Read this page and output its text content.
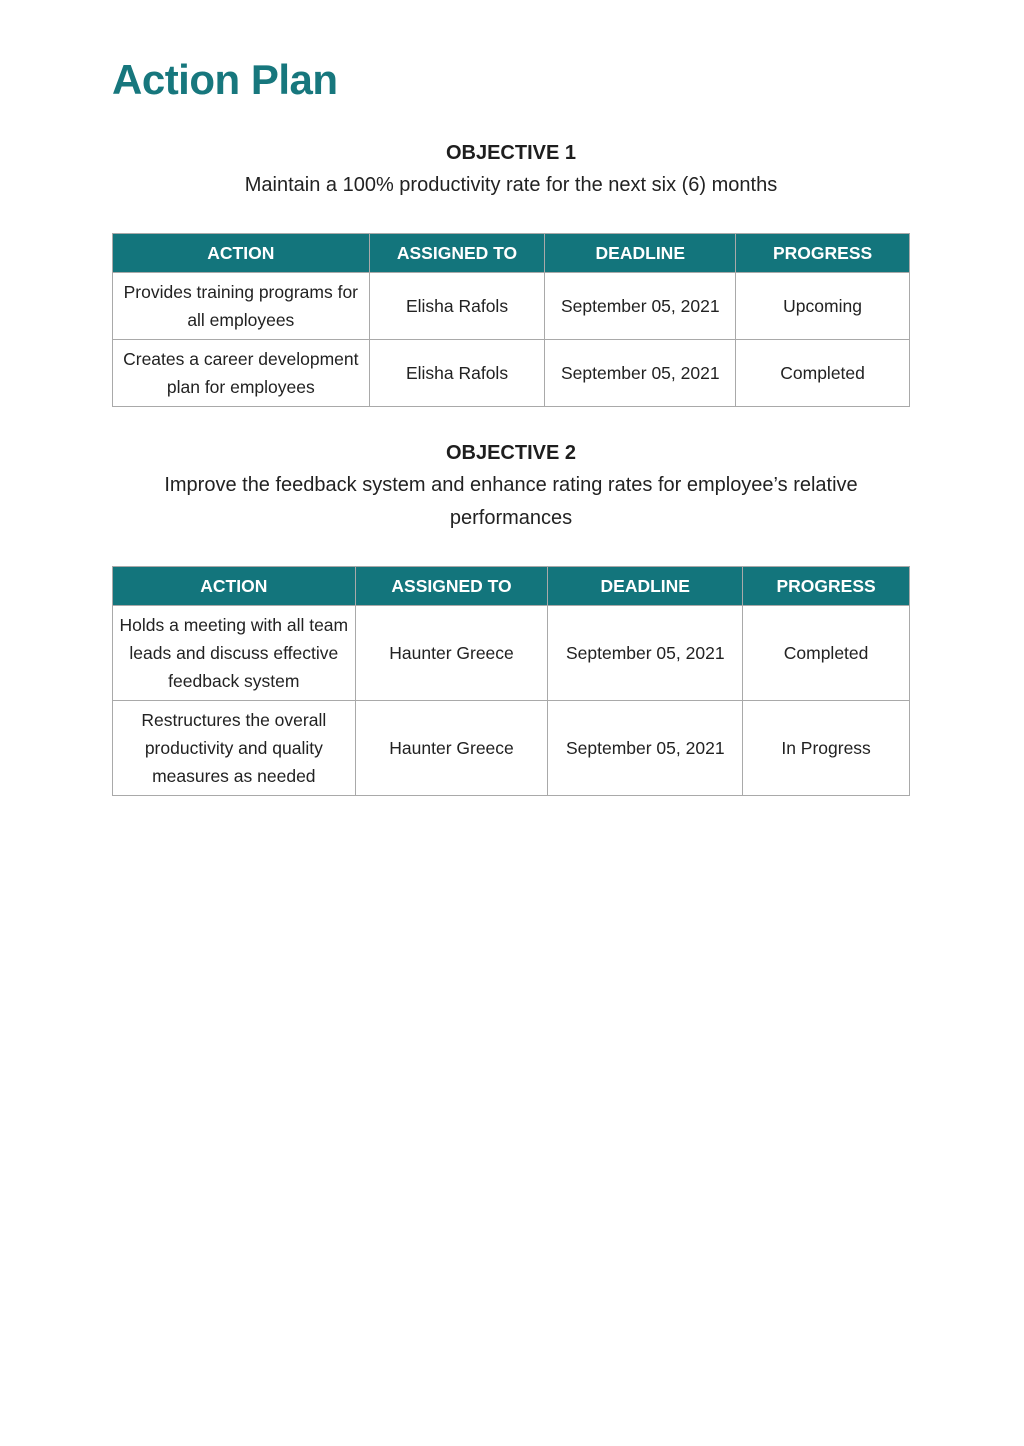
Action Plan

OBJECTIVE 1

Maintain a 100% productivity rate for the next six (6) months

ACTION	ASSIGNED TO	DEADLINE	PROGRESS
Provides training programs for all employees	Elisha Rafols	September 05, 2021	Upcoming
Creates a career development plan for employees	Elisha Rafols	September 05, 2021	Completed

OBJECTIVE 2

Improve the feedback system and enhance rating rates for employee’s relative performances

ACTION	ASSIGNED TO	DEADLINE	PROGRESS
Holds a meeting with all team leads and discuss effective feedback system	Haunter Greece	September 05, 2021	Completed
Restructures the overall productivity and quality measures as needed	Haunter Greece	September 05, 2021	In Progress
